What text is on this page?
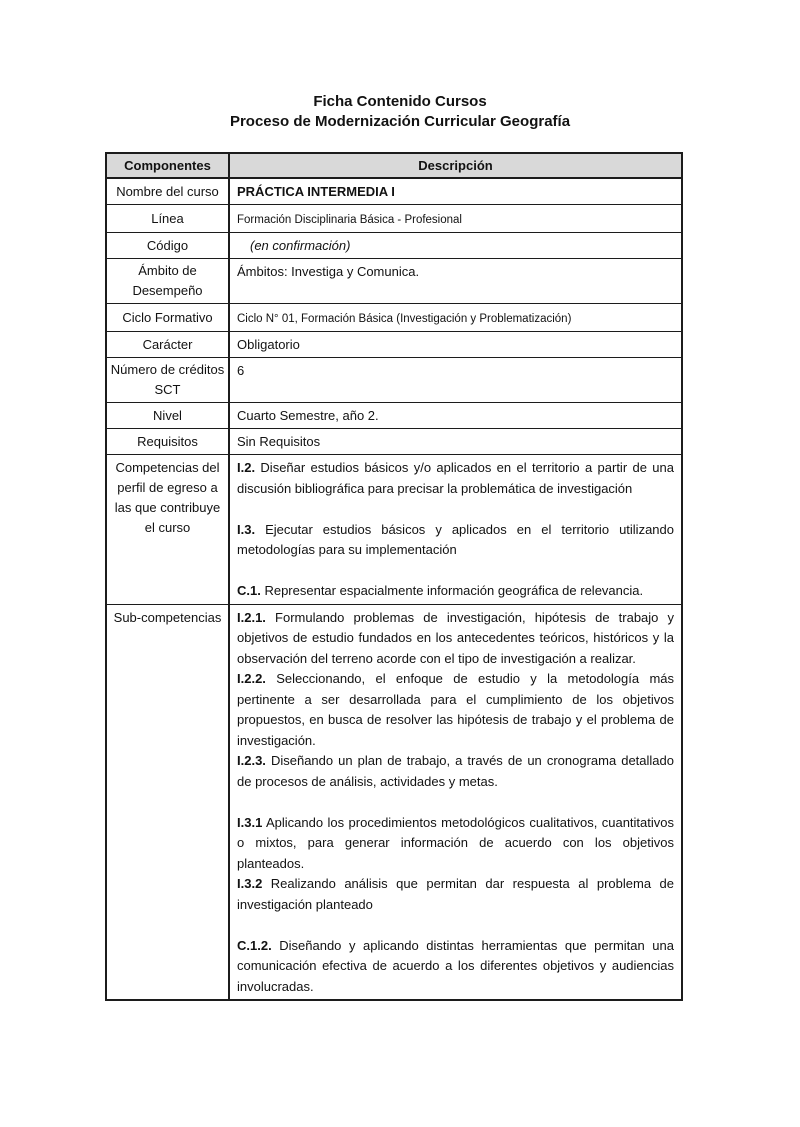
Ficha Contenido Cursos
Proceso de Modernización Curricular Geografía
Componentes	Descripción
Nombre del curso	PRÁCTICA INTERMEDIA I
Línea	Formación Disciplinaria Básica - Profesional
Código	(en confirmación)
Ámbito de Desempeño	Ámbitos: Investiga y Comunica.
Ciclo Formativo	Ciclo N° 01, Formación Básica (Investigación y Problematización)
Carácter	Obligatorio
Número de créditos SCT	6
Nivel	Cuarto Semestre, año 2.
Requisitos	Sin Requisitos
Competencias del perfil de egreso a las que contribuye el curso	I.2. Diseñar estudios básicos y/o aplicados en el territorio a partir de una discusión bibliográfica para precisar la problemática de investigación
I.3. Ejecutar estudios básicos y aplicados en el territorio utilizando metodologías para su implementación
C.1. Representar espacialmente información geográfica de relevancia.

Sub-competencias	I.2.1. Formulando problemas de investigación, hipótesis de trabajo y objetivos de estudio fundados en los antecedentes teóricos, históricos y la observación del terreno acorde con el tipo de investigación a realizar.
I.2.2. Seleccionando, el enfoque de estudio y la metodología más pertinente a ser desarrollada para el cumplimiento de los objetivos propuestos, en busca de resolver las hipótesis de trabajo y el problema de investigación.
I.2.3. Diseñando un plan de trabajo, a través de un cronograma detallado de procesos de análisis, actividades y metas.
I.3.1 Aplicando los procedimientos metodológicos cualitativos, cuantitativos o mixtos, para generar información de acuerdo con los objetivos planteados.
I.3.2 Realizando análisis que permitan dar respuesta al problema de investigación planteado
C.1.2. Diseñando y aplicando distintas herramientas que permitan una comunicación efectiva de acuerdo a los diferentes objetivos y audiencias involucradas.
